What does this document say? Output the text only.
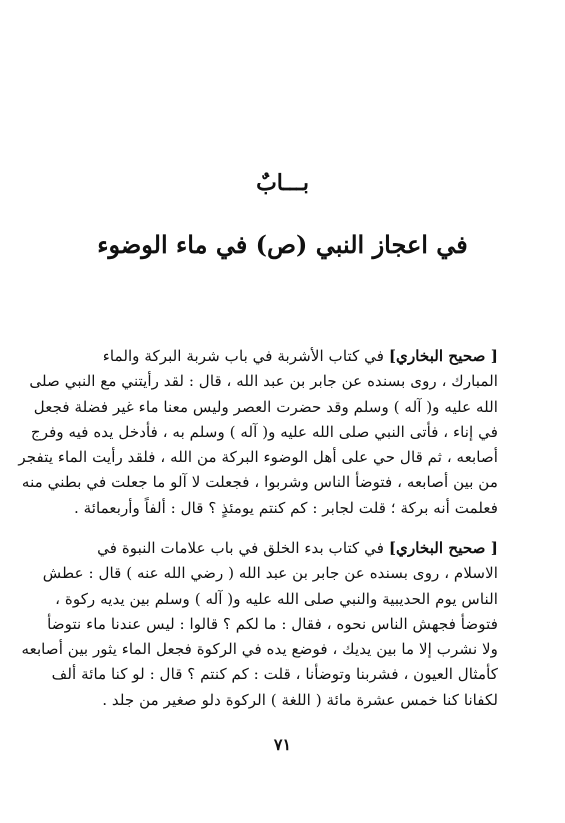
بـــابٌ
في اعجاز النبي (ص) في ماء الوضوء
[ صحيح البخاري] في كتاب الأشربة في باب شربة البركة والماء
المبارك ، روى بسنده عن جابر بن عبد الله ، قال : لقد رأيتني مع النبي صلى
الله عليه و( آله ) وسلم وقد حضرت العصر وليس معنا ماء غير فضلة فجعل
في إناء ، فأتى النبي صلى الله عليه و( آله ) وسلم به ، فأدخل يده فيه وفرج
أصابعه ، ثم قال حي على أهل الوضوء البركة من الله ، فلقد رأيت الماء يتفجر
من بين أصابعه ، فتوضأ الناس وشربوا ، فجعلت لا آلو ما جعلت في بطني منه
فعلمت أنه بركة ؛ قلت لجابر : كم كنتم يومئذٍ ؟ قال : ألفاً وأربعمائة .
[ صحيح البخاري] في كتاب بدء الخلق في باب علامات النبوة في
الاسلام ، روى بسنده عن جابر بن عبد الله ( رضي الله عنه ) قال : عطش
الناس يوم الحديبية والنبي صلى الله عليه و( آله ) وسلم بين يديه ركوة ،
فتوضأ فجهش الناس نحوه ، فقال : ما لكم ؟ قالوا : ليس عندنا ماء نتوضأ
ولا نشرب إلا ما بين يديك ، فوضع يده في الركوة فجعل الماء يثور بين أصابعه
كأمثال العيون ، فشربنا وتوضأنا ، قلت : كم كنتم ؟ قال : لو كنا مائة ألف
لكفانا كنا خمس عشرة مائة ( اللغة ) الركوة دلو صغير من جلد .
٧١
